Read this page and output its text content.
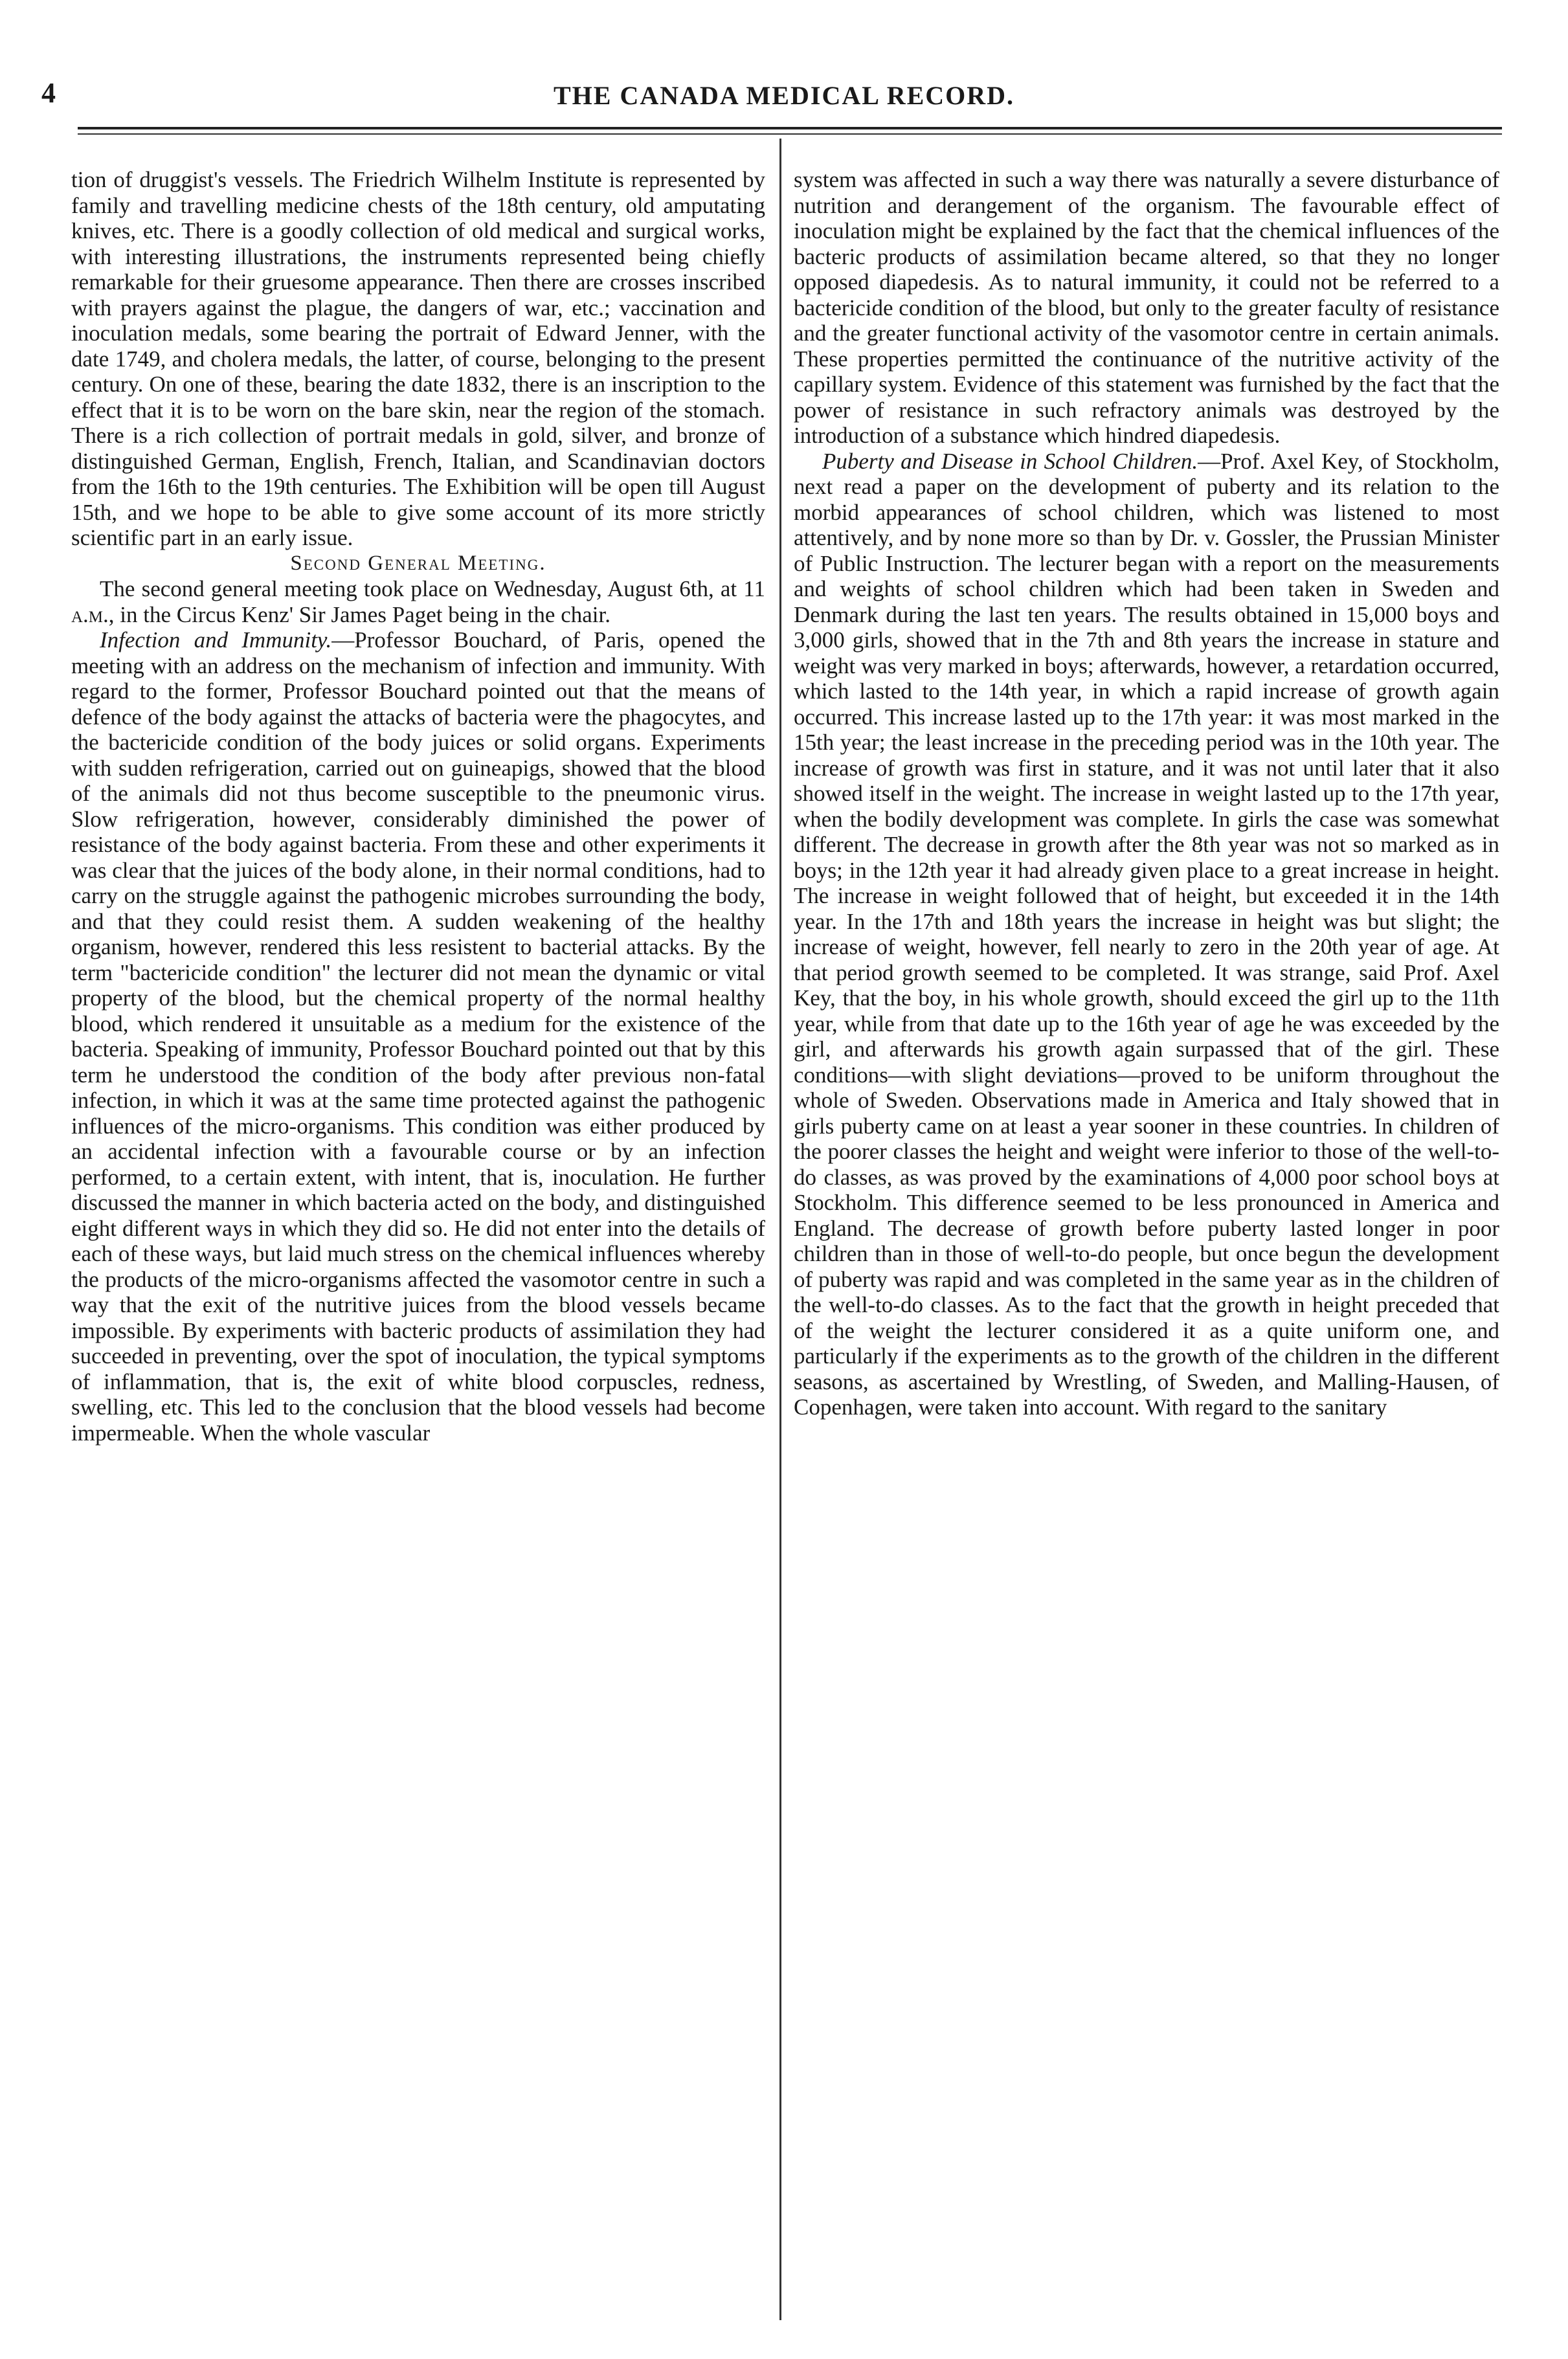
4	THE CANADA MEDICAL RECORD.

tion of druggist's vessels. The Friedrich Wilhelm Institute is represented by family and travelling medicine chests of the 18th century, old amputating knives, etc. There is a goodly collection of old medical and surgical works, with interesting illustrations, the instruments represented being chiefly remarkable for their gruesome appearance. Then there are crosses inscribed with prayers against the plague, the dangers of war, etc.; vaccination and inoculation medals, some bearing the portrait of Edward Jenner, with the date 1749, and cholera medals, the latter, of course, belonging to the present century. On one of these, bearing the date 1832, there is an inscription to the effect that it is to be worn on the bare skin, near the region of the stomach. There is a rich collection of portrait medals in gold, silver, and bronze of distinguished German, English, French, Italian, and Scandinavian doctors from the 16th to the 19th centuries. The Exhibition will be open till August 15th, and we hope to be able to give some account of its more strictly scientific part in an early issue.

Second General Meeting.

The second general meeting took place on Wednesday, August 6th, at 11 a.m., in the Circus Kenz' Sir James Paget being in the chair.

Infection and Immunity.—Professor Bouchard, of Paris, opened the meeting with an address on the mechanism of infection and immunity. With regard to the former, Professor Bouchard pointed out that the means of defence of the body against the attacks of bacteria were the phagocytes, and the bactericide condition of the body juices or solid organs. Experiments with sudden refrigeration, carried out on guineapigs, showed that the blood of the animals did not thus become susceptible to the pneumonic virus. Slow refrigeration, however, considerably diminished the power of resistance of the body against bacteria. From these and other experiments it was clear that the juices of the body alone, in their normal conditions, had to carry on the struggle against the pathogenic microbes surrounding the body, and that they could resist them. A sudden weakening of the healthy organism, however, rendered this less resistent to bacterial attacks. By the term "bactericide condition" the lecturer did not mean the dynamic or vital property of the blood, but the chemical property of the normal healthy blood, which rendered it unsuitable as a medium for the existence of the bacteria. Speaking of immunity, Professor Bouchard pointed out that by this term he understood the condition of the body after previous non-fatal infection, in which it was at the same time protected against the pathogenic influences of the micro-organisms. This condition was either produced by an accidental infection with a favourable course or by an infection performed, to a certain extent, with intent, that is, inoculation. He further discussed the manner in which bacteria acted on the body, and distinguished eight different ways in which they did so. He did not enter into the details of each of these ways, but laid much stress on the chemical influences whereby the products of the micro-organisms affected the vasomotor centre in such a way that the exit of the nutritive juices from the blood vessels became impossible. By experiments with bacteric products of assimilation they had succeeded in preventing, over the spot of inoculation, the typical symptoms of inflammation, that is, the exit of white blood corpuscles, redness, swelling, etc. This led to the conclusion that the blood vessels had become impermeable. When the whole vascular

system was affected in such a way there was naturally a severe disturbance of nutrition and derangement of the organism. The favourable effect of inoculation might be explained by the fact that the chemical influences of the bacteric products of assimilation became altered, so that they no longer opposed diapedesis. As to natural immunity, it could not be referred to a bactericide condition of the blood, but only to the greater faculty of resistance and the greater functional activity of the vasomotor centre in certain animals. These properties permitted the continuance of the nutritive activity of the capillary system. Evidence of this statement was furnished by the fact that the power of resistance in such refractory animals was destroyed by the introduction of a substance which hindred diapedesis.

Puberty and Disease in School Children.—Prof. Axel Key, of Stockholm, next read a paper on the development of puberty and its relation to the morbid appearances of school children, which was listened to most attentively, and by none more so than by Dr. v. Gossler, the Prussian Minister of Public Instruction. The lecturer began with a report on the measurements and weights of school children which had been taken in Sweden and Denmark during the last ten years. The results obtained in 15,000 boys and 3,000 girls, showed that in the 7th and 8th years the increase in stature and weight was very marked in boys; afterwards, however, a retardation occurred, which lasted to the 14th year, in which a rapid increase of growth again occurred. This increase lasted up to the 17th year: it was most marked in the 15th year; the least increase in the preceding period was in the 10th year. The increase of growth was first in stature, and it was not until later that it also showed itself in the weight. The increase in weight lasted up to the 17th year, when the bodily development was complete. In girls the case was somewhat different. The decrease in growth after the 8th year was not so marked as in boys; in the 12th year it had already given place to a great increase in height. The increase in weight followed that of height, but exceeded it in the 14th year. In the 17th and 18th years the increase in height was but slight; the increase of weight, however, fell nearly to zero in the 20th year of age. At that period growth seemed to be completed. It was strange, said Prof. Axel Key, that the boy, in his whole growth, should exceed the girl up to the 11th year, while from that date up to the 16th year of age he was exceeded by the girl, and afterwards his growth again surpassed that of the girl. These conditions—with slight deviations—proved to be uniform throughout the whole of Sweden. Observations made in America and Italy showed that in girls puberty came on at least a year sooner in these countries. In children of the poorer classes the height and weight were inferior to those of the well-to-do classes, as was proved by the examinations of 4,000 poor school boys at Stockholm. This difference seemed to be less pronounced in America and England. The decrease of growth before puberty lasted longer in poor children than in those of well-to-do people, but once begun the development of puberty was rapid and was completed in the same year as in the children of the well-to-do classes. As to the fact that the growth in height preceded that of the weight the lecturer considered it as a quite uniform one, and particularly if the experiments as to the growth of the children in the different seasons, as ascertained by Wrestling, of Sweden, and Malling-Hausen, of Copenhagen, were taken into account. With regard to the sanitary
